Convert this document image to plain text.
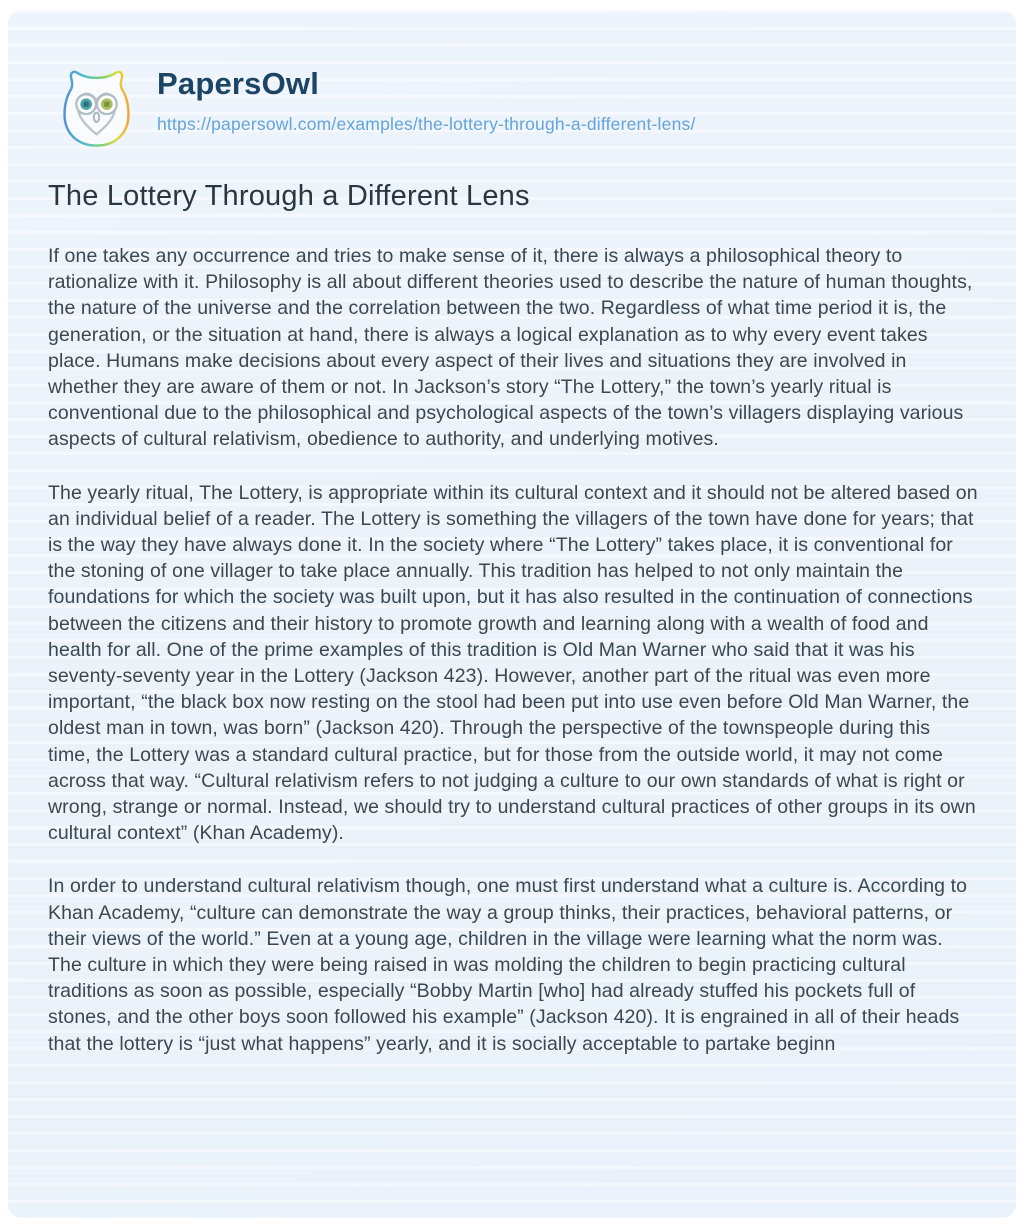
PapersOwl
https://papersowl.com/examples/the-lottery-through-a-different-lens/
The Lottery Through a Different Lens

If one takes any occurrence and tries to make sense of it, there is always a philosophical theory to rationalize with it. Philosophy is all about different theories used to describe the nature of human thoughts, the nature of the universe and the correlation between the two. Regardless of what time period it is, the generation, or the situation at hand, there is always a logical explanation as to why every event takes place. Humans make decisions about every aspect of their lives and situations they are involved in whether they are aware of them or not. In Jackson’s story “The Lottery,” the town’s yearly ritual is conventional due to the philosophical and psychological aspects of the town’s villagers displaying various aspects of cultural relativism, obedience to authority, and underlying motives.

The yearly ritual, The Lottery, is appropriate within its cultural context and it should not be altered based on an individual belief of a reader. The Lottery is something the villagers of the town have done for years; that is the way they have always done it. In the society where “The Lottery” takes place, it is conventional for the stoning of one villager to take place annually. This tradition has helped to not only maintain the foundations for which the society was built upon, but it has also resulted in the continuation of connections between the citizens and their history to promote growth and learning along with a wealth of food and health for all. One of the prime examples of this tradition is Old Man Warner who said that it was his seventy-seventy year in the Lottery (Jackson 423). However, another part of the ritual was even more important, “the black box now resting on the stool had been put into use even before Old Man Warner, the oldest man in town, was born” (Jackson 420). Through the perspective of the townspeople during this time, the Lottery was a standard cultural practice, but for those from the outside world, it may not come across that way. “Cultural relativism refers to not judging a culture to our own standards of what is right or wrong, strange or normal. Instead, we should try to understand cultural practices of other groups in its own cultural context” (Khan Academy).

In order to understand cultural relativism though, one must first understand what a culture is. According to Khan Academy, “culture can demonstrate the way a group thinks, their practices, behavioral patterns, or their views of the world.” Even at a young age, children in the village were learning what the norm was. The culture in which they were being raised in was molding the children to begin practicing cultural traditions as soon as possible, especially “Bobby Martin [who] had already stuffed his pockets full of stones, and the other boys soon followed his example” (Jackson 420). It is engrained in all of their heads that the lottery is “just what happens” yearly, and it is socially acceptable to partake beginn
